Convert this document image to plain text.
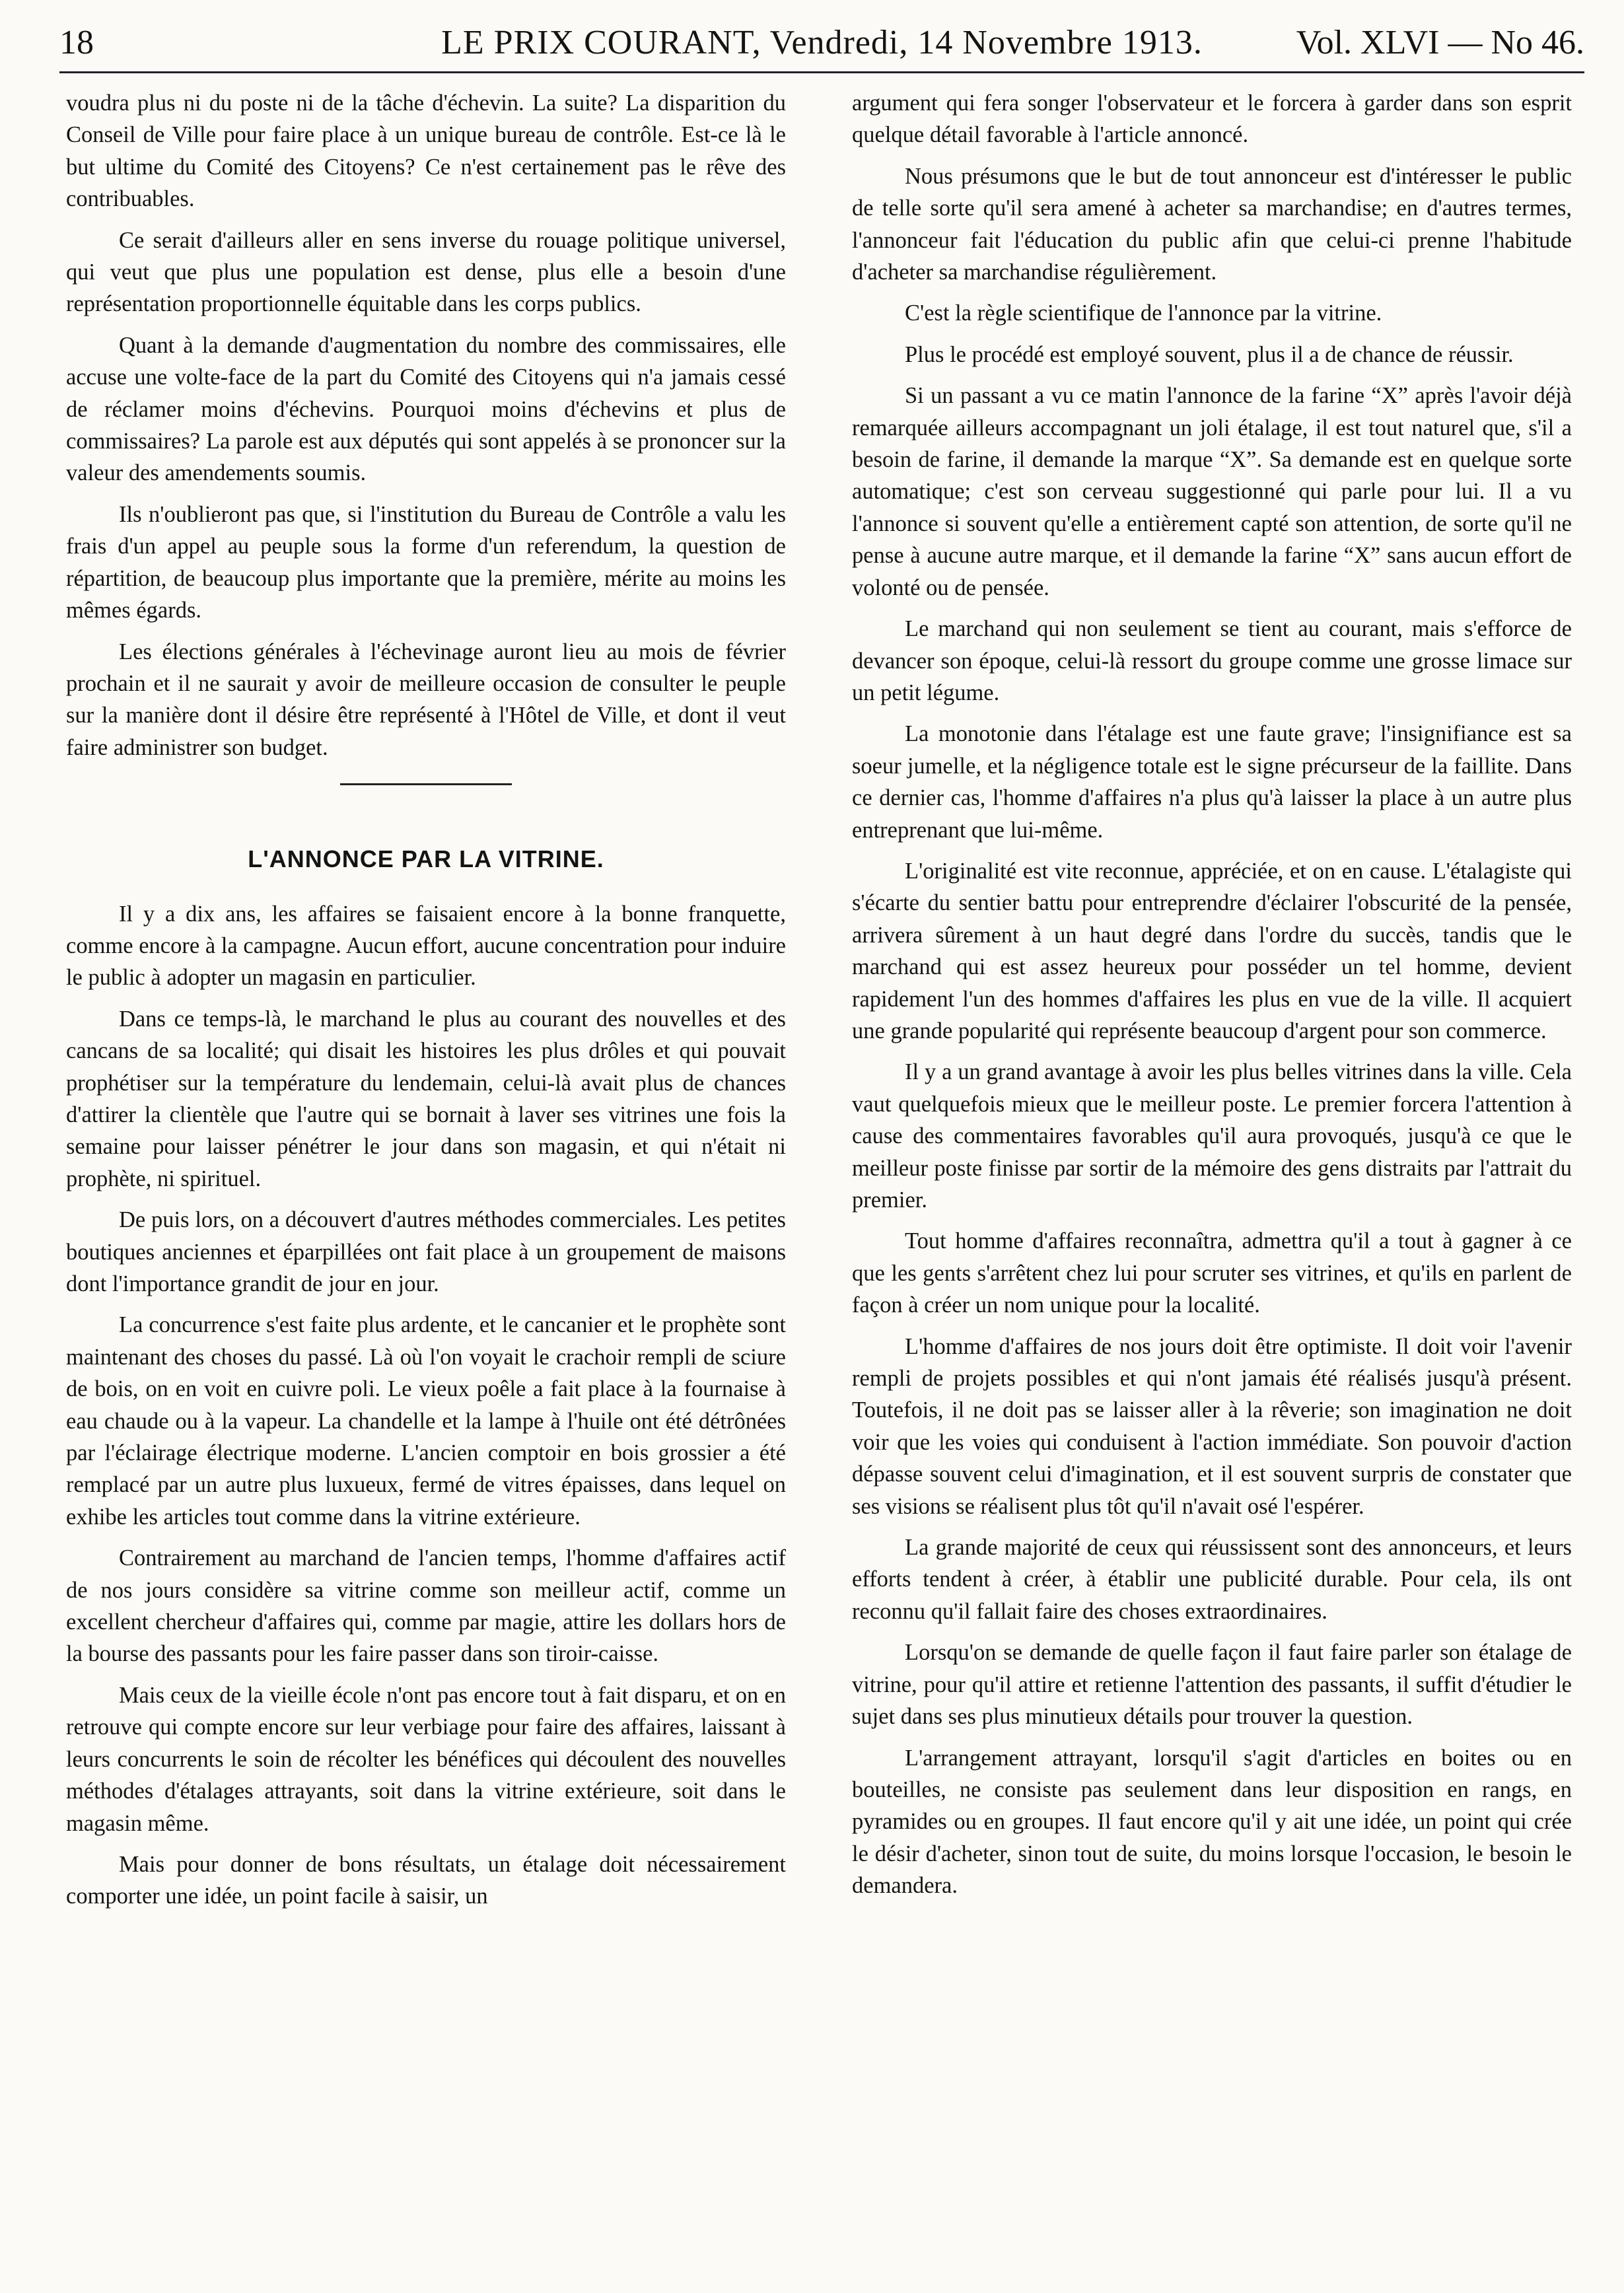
18	LE PRIX COURANT, Vendredi, 14 Novembre 1913.	Vol. XLVI — No 46.

voudra plus ni du poste ni de la tâche d'échevin. La suite? La disparition du Conseil de Ville pour faire place à un unique bureau de contrôle. Est-ce là le but ultime du Comité des Citoyens? Ce n'est certainement pas le rêve des contribuables.

Ce serait d'ailleurs aller en sens inverse du rouage politique universel, qui veut que plus une population est dense, plus elle a besoin d'une représentation proportionnelle équitable dans les corps publics.

Quant à la demande d'augmentation du nombre des commissaires, elle accuse une volte-face de la part du Comité des Citoyens qui n'a jamais cessé de réclamer moins d'échevins. Pourquoi moins d'échevins et plus de commissaires? La parole est aux députés qui sont appelés à se prononcer sur la valeur des amendements soumis.

Ils n'oublieront pas que, si l'institution du Bureau de Contrôle a valu les frais d'un appel au peuple sous la forme d'un referendum, la question de répartition, de beaucoup plus importante que la première, mérite au moins les mêmes égards.

Les élections générales à l'échevinage auront lieu au mois de février prochain et il ne saurait y avoir de meilleure occasion de consulter le peuple sur la manière dont il désire être représenté à l'Hôtel de Ville, et dont il veut faire administrer son budget.

L'ANNONCE PAR LA VITRINE.

Il y a dix ans, les affaires se faisaient encore à la bonne franquette, comme encore à la campagne. Aucun effort, aucune concentration pour induire le public à adopter un magasin en particulier.

Dans ce temps-là, le marchand le plus au courant des nouvelles et des cancans de sa localité; qui disait les histoires les plus drôles et qui pouvait prophétiser sur la température du lendemain, celui-là avait plus de chances d'attirer la clientèle que l'autre qui se bornait à laver ses vitrines une fois la semaine pour laisser pénétrer le jour dans son magasin, et qui n'était ni prophète, ni spirituel.

De puis lors, on a découvert d'autres méthodes commerciales. Les petites boutiques anciennes et éparpillées ont fait place à un groupement de maisons dont l'importance grandit de jour en jour.

La concurrence s'est faite plus ardente, et le cancanier et le prophète sont maintenant des choses du passé. Là où l'on voyait le crachoir rempli de sciure de bois, on en voit en cuivre poli. Le vieux poêle a fait place à la fournaise à eau chaude ou à la vapeur. La chandelle et la lampe à l'huile ont été détrônées par l'éclairage électrique moderne. L'ancien comptoir en bois grossier a été remplacé par un autre plus luxueux, fermé de vitres épaisses, dans lequel on exhibe les articles tout comme dans la vitrine extérieure.

Contrairement au marchand de l'ancien temps, l'homme d'affaires actif de nos jours considère sa vitrine comme son meilleur actif, comme un excellent chercheur d'affaires qui, comme par magie, attire les dollars hors de la bourse des passants pour les faire passer dans son tiroir-caisse.

Mais ceux de la vieille école n'ont pas encore tout à fait disparu, et on en retrouve qui compte encore sur leur verbiage pour faire des affaires, laissant à leurs concurrents le soin de récolter les bénéfices qui découlent des nouvelles méthodes d'étalages attrayants, soit dans la vitrine extérieure, soit dans le magasin même.

Mais pour donner de bons résultats, un étalage doit nécessairement comporter une idée, un point facile à saisir, un

argument qui fera songer l'observateur et le forcera à garder dans son esprit quelque détail favorable à l'article annoncé.

Nous présumons que le but de tout annonceur est d'intéresser le public de telle sorte qu'il sera amené à acheter sa marchandise; en d'autres termes, l'annonceur fait l'éducation du public afin que celui-ci prenne l'habitude d'acheter sa marchandise régulièrement.

C'est la règle scientifique de l'annonce par la vitrine.

Plus le procédé est employé souvent, plus il a de chance de réussir.

Si un passant a vu ce matin l'annonce de la farine “X” après l'avoir déjà remarquée ailleurs accompagnant un joli étalage, il est tout naturel que, s'il a besoin de farine, il demande la marque “X”. Sa demande est en quelque sorte automatique; c'est son cerveau suggestionné qui parle pour lui. Il a vu l'annonce si souvent qu'elle a entièrement capté son attention, de sorte qu'il ne pense à aucune autre marque, et il demande la farine “X” sans aucun effort de volonté ou de pensée.

Le marchand qui non seulement se tient au courant, mais s'efforce de devancer son époque, celui-là ressort du groupe comme une grosse limace sur un petit légume.

La monotonie dans l'étalage est une faute grave; l'insignifiance est sa soeur jumelle, et la négligence totale est le signe précurseur de la faillite. Dans ce dernier cas, l'homme d'affaires n'a plus qu'à laisser la place à un autre plus entreprenant que lui-même.

L'originalité est vite reconnue, appréciée, et on en cause. L'étalagiste qui s'écarte du sentier battu pour entreprendre d'éclairer l'obscurité de la pensée, arrivera sûrement à un haut degré dans l'ordre du succès, tandis que le marchand qui est assez heureux pour posséder un tel homme, devient rapidement l'un des hommes d'affaires les plus en vue de la ville. Il acquiert une grande popularité qui représente beaucoup d'argent pour son commerce.

Il y a un grand avantage à avoir les plus belles vitrines dans la ville. Cela vaut quelquefois mieux que le meilleur poste. Le premier forcera l'attention à cause des commentaires favorables qu'il aura provoqués, jusqu'à ce que le meilleur poste finisse par sortir de la mémoire des gens distraits par l'attrait du premier.

Tout homme d'affaires reconnaîtra, admettra qu'il a tout à gagner à ce que les gents s'arrêtent chez lui pour scruter ses vitrines, et qu'ils en parlent de façon à créer un nom unique pour la localité.

L'homme d'affaires de nos jours doit être optimiste. Il doit voir l'avenir rempli de projets possibles et qui n'ont jamais été réalisés jusqu'à présent. Toutefois, il ne doit pas se laisser aller à la rêverie; son imagination ne doit voir que les voies qui conduisent à l'action immédiate. Son pouvoir d'action dépasse souvent celui d'imagination, et il est souvent surpris de constater que ses visions se réalisent plus tôt qu'il n'avait osé l'espérer.

La grande majorité de ceux qui réussissent sont des annonceurs, et leurs efforts tendent à créer, à établir une publicité durable. Pour cela, ils ont reconnu qu'il fallait faire des choses extraordinaires.

Lorsqu'on se demande de quelle façon il faut faire parler son étalage de vitrine, pour qu'il attire et retienne l'attention des passants, il suffit d'étudier le sujet dans ses plus minutieux détails pour trouver la question.

L'arrangement attrayant, lorsqu'il s'agit d'articles en boites ou en bouteilles, ne consiste pas seulement dans leur disposition en rangs, en pyramides ou en groupes. Il faut encore qu'il y ait une idée, un point qui crée le désir d'acheter, sinon tout de suite, du moins lorsque l'occasion, le besoin le demandera.
